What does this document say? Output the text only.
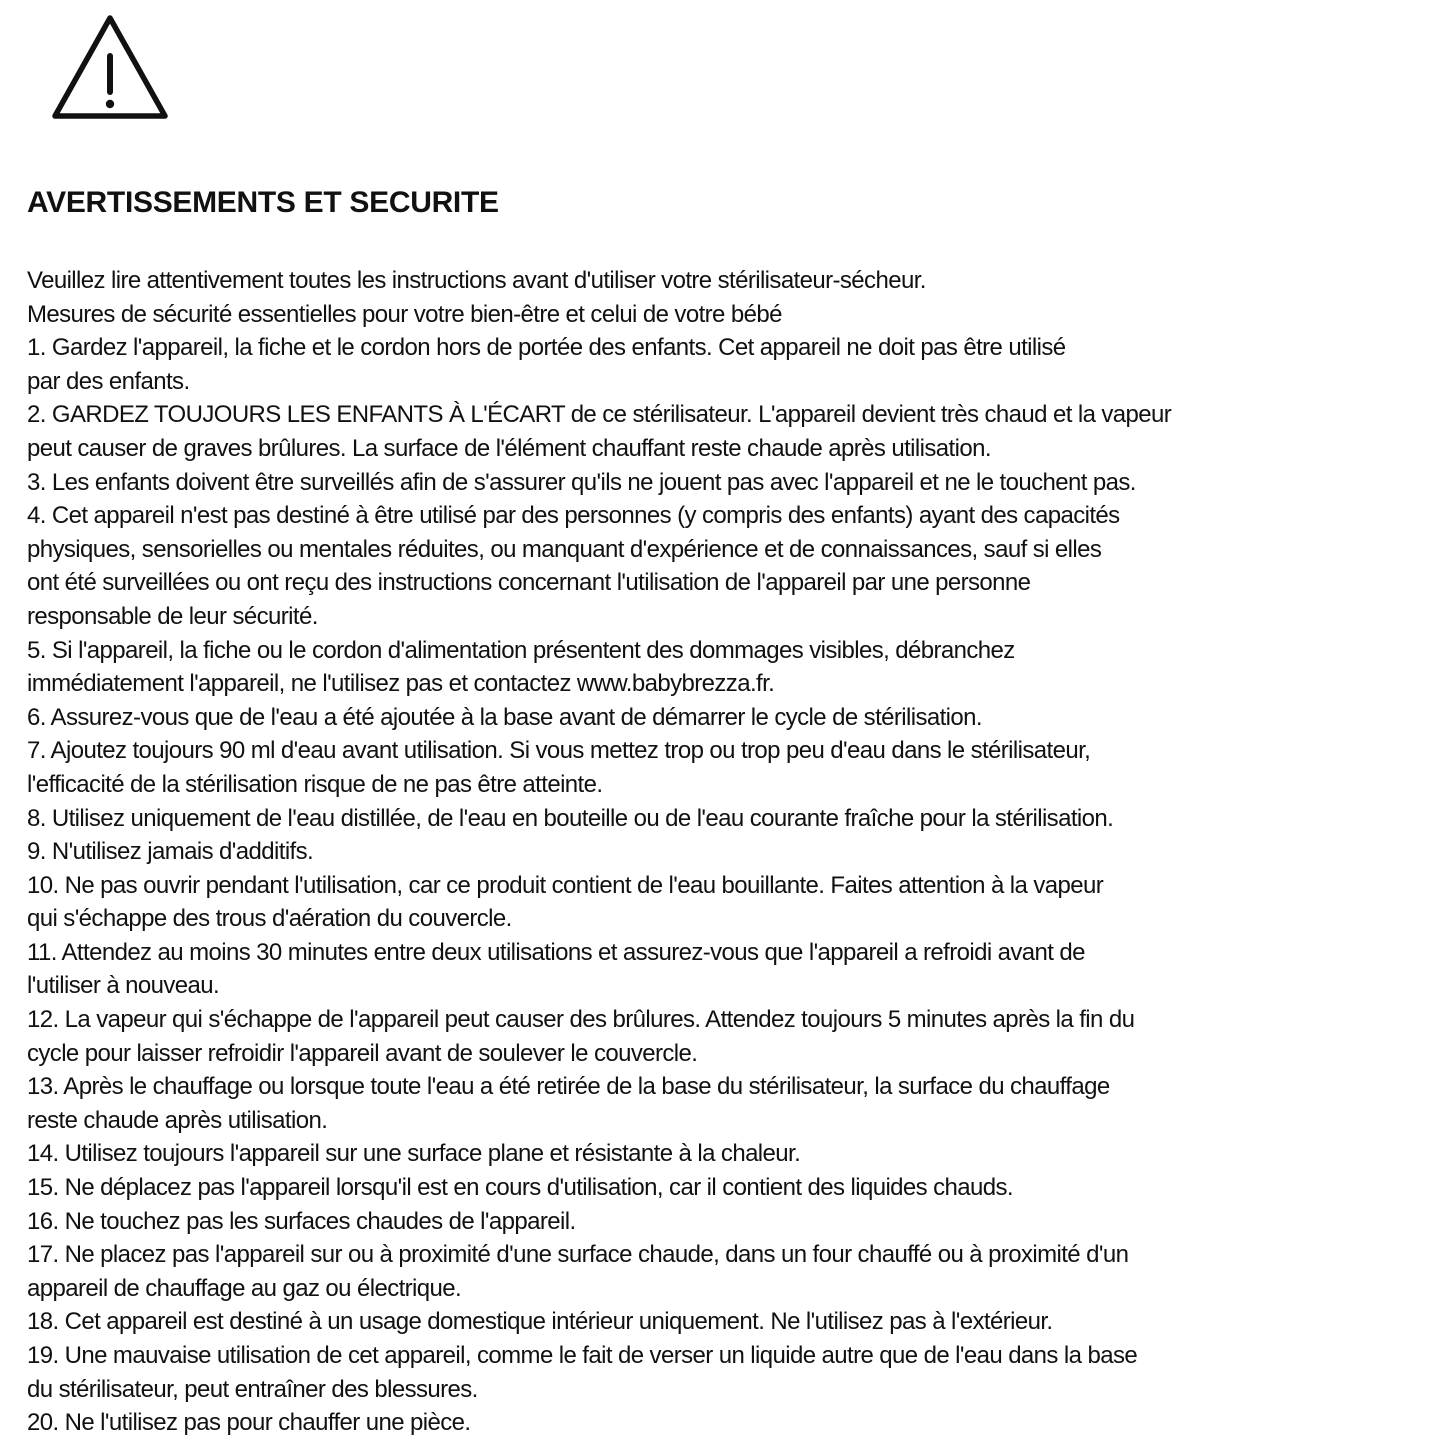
AVERTISSEMENTS ET SECURITE
Veuillez lire attentivement toutes les instructions avant d'utiliser votre stérilisateur-sécheur.
Mesures de sécurité essentielles pour votre bien-être et celui de votre bébé
1. Gardez l'appareil, la fiche et le cordon hors de portée des enfants. Cet appareil ne doit pas être utilisé
par des enfants.
2. GARDEZ TOUJOURS LES ENFANTS À L'ÉCART de ce stérilisateur. L'appareil devient très chaud et la vapeur
peut causer de graves brûlures. La surface de l'élément chauffant reste chaude après utilisation.
3. Les enfants doivent être surveillés afin de s'assurer qu'ils ne jouent pas avec l'appareil et ne le touchent pas.
4. Cet appareil n'est pas destiné à être utilisé par des personnes (y compris des enfants) ayant des capacités
physiques, sensorielles ou mentales réduites, ou manquant d'expérience et de connaissances, sauf si elles
ont été surveillées ou ont reçu des instructions concernant l'utilisation de l'appareil par une personne
responsable de leur sécurité.
5. Si l'appareil, la fiche ou le cordon d'alimentation présentent des dommages visibles, débranchez
immédiatement l'appareil, ne l'utilisez pas et contactez www.babybrezza.fr.
6. Assurez-vous que de l'eau a été ajoutée à la base avant de démarrer le cycle de stérilisation.
7. Ajoutez toujours 90 ml d'eau avant utilisation. Si vous mettez trop ou trop peu d'eau dans le stérilisateur,
l'efficacité de la stérilisation risque de ne pas être atteinte.
8. Utilisez uniquement de l'eau distillée, de l'eau en bouteille ou de l'eau courante fraîche pour la stérilisation.
9. N'utilisez jamais d'additifs.
10. Ne pas ouvrir pendant l'utilisation, car ce produit contient de l'eau bouillante. Faites attention à la vapeur
qui s'échappe des trous d'aération du couvercle.
11. Attendez au moins 30 minutes entre deux utilisations et assurez-vous que l'appareil a refroidi avant de
l'utiliser à nouveau.
12. La vapeur qui s'échappe de l'appareil peut causer des brûlures. Attendez toujours 5 minutes après la fin du
cycle pour laisser refroidir l'appareil avant de soulever le couvercle.
13. Après le chauffage ou lorsque toute l'eau a été retirée de la base du stérilisateur, la surface du chauffage
reste chaude après utilisation.
14. Utilisez toujours l'appareil sur une surface plane et résistante à la chaleur.
15. Ne déplacez pas l'appareil lorsqu'il est en cours d'utilisation, car il contient des liquides chauds.
16. Ne touchez pas les surfaces chaudes de l'appareil.
17. Ne placez pas l'appareil sur ou à proximité d'une surface chaude, dans un four chauffé ou à proximité d'un
appareil de chauffage au gaz ou électrique.
18. Cet appareil est destiné à un usage domestique intérieur uniquement. Ne l'utilisez pas à l'extérieur.
19. Une mauvaise utilisation de cet appareil, comme le fait de verser un liquide autre que de l'eau dans la base
du stérilisateur, peut entraîner des blessures.
20. Ne l'utilisez pas pour chauffer une pièce.
